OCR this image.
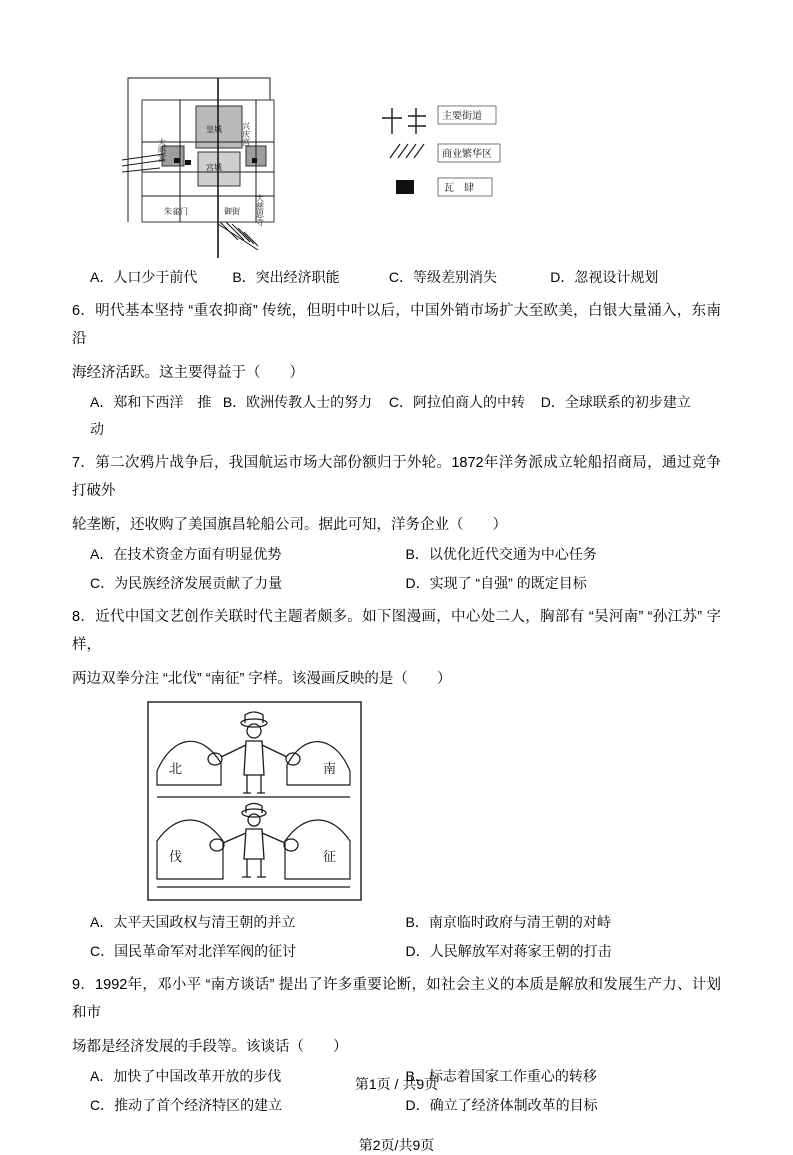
大明宫
兴庆宫
皇城
宫城
朱雀门	御街 大慈恩寺
主要街道
商业繁华区
瓦　肆
A．人口少于前代	B．突出经济职能	C．等级差别消失	D．忽视设计规划
6．明代基本坚持 “重农抑商” 传统，但明中叶以后，中国外销市场扩大至欧美，白银大量涌入，东南沿
海经济活跃。这主要得益于（　　）
A．郑和下西洋　推动
B．欧洲传教人士的努力	C．阿拉伯商人的中转	D．全球联系的初步建立
7．第二次鸦片战争后，我国航运市场大部份额归于外轮。1872年洋务派成立轮船招商局，通过竞争打破外
轮垄断，还收购了美国旗昌轮船公司。据此可知，洋务企业（　　）
A．在技术资金方面有明显优势	B．以优化近代交通为中心任务
C．为民族经济发展贡献了力量	D．实现了 “自强” 的既定目标
8．近代中国文艺创作关联时代主题者颇多。如下图漫画，中心处二人，胸部有 “吴河南” “孙江苏” 字样，
两边双拳分注 “北伐” “南征” 字样。该漫画反映的是（　　）
北	南
伐	征
A．太平天国政权与清王朝的并立	B．南京临时政府与清王朝的对峙
C．国民革命军对北洋军阀的征讨	D．人民解放军对蒋家王朝的打击
9．1992年，邓小平 “南方谈话” 提出了许多重要论断，如社会主义的本质是解放和发展生产力、计划和市
场都是经济发展的手段等。该谈话（　　）
A．加快了中国改革开放的步伐	B．标志着国家工作重心的转移
C．推动了首个经济特区的建立	D．确立了经济体制改革的目标
第2页/共9页
第1页 / 共9页
